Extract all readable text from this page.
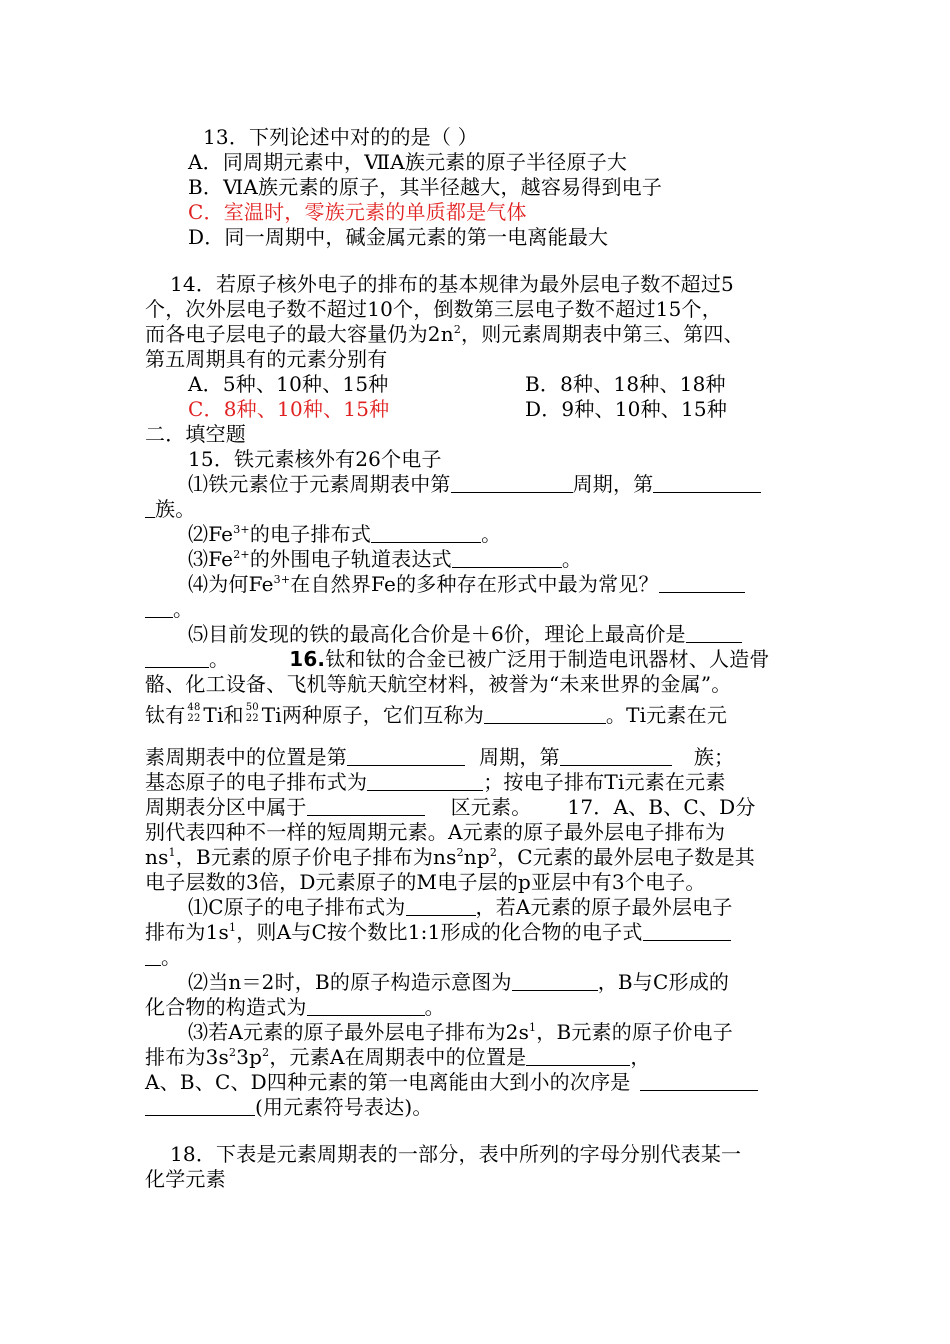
13．下列论述中对的的是（ ）
A．同周期元素中，ⅦA族元素的原子半径原子大
B．ⅥA族元素的原子，其半径越大，越容易得到电子
C．室温时，零族元素的单质都是气体
D．同一周期中，碱金属元素的第一电离能最大
14．若原子核外电子的排布的基本规律为最外层电子数不超过5
个，次外层电子数不超过10个，倒数第三层电子数不超过15个，
而各电子层电子的最大容量仍为$2n^2$，则元素周期表中第三、第四、
第五周期具有的元素分别有
A．5种、10种、15种	B．8种、18种、18种
C．8种、10种、15种	D．9种、10种、15种
二．填空题
15．铁元素核外有26个电子
⑴铁元素位于元素周期表中第	周期，第
族。
$⑵Fe^{3+}$的电子排布式	。
$⑶Fe^{2+}$的外围电子轨道表达式	。
⑷为何$Fe^{3+}$在自然界Fe的多种存在形式中最为常见？
。
⑸目前发现的铁的最高化合价是＋6价，理论上最高价是
。	16.钛和钛的合金已被广泛用于制造电讯器材、人造骨
骼、化工设备、飞机等航天航空材料，被誉为“未来世界的金属”。
钛有 48
22 Ti和 50
22 Ti两种原子，它们互称为	。Ti元素在元
素周期表中的位置是第	周期，第	族；
基态原子的电子排布式为	；按电子排布Ti元素在元素
周期表分区中属于	区元素。 17．A、B、C、D分
别代表四种不一样的短周期元素。A元素的原子最外层电子排布为
$ns^1$，B元素的原子价电子排布为$ns^2np^2$，C元素的最外层电子数是其
电子层数的3倍，D元素原子的M电子层的p亚层中有3个电子。
⑴C原子的电子排布式为	，若A元素的原子最外层电子
排布为$1s^1$，则A与C按个数比1:1形成的化合物的电子式
。
⑵当n＝2时，B的原子构造示意图为	，B与C形成的
化合物的构造式为	。
⑶若A元素的原子最外层电子排布为$2s^1$，B元素的原子价电子
排布为$3s^23p^2$，元素A在周期表中的位置是	，
A、B、C、D四种元素的第一电离能由大到小的次序是
(用元素符号表达)。
18．下表是元素周期表的一部分，表中所列的字母分别代表某一
化学元素
